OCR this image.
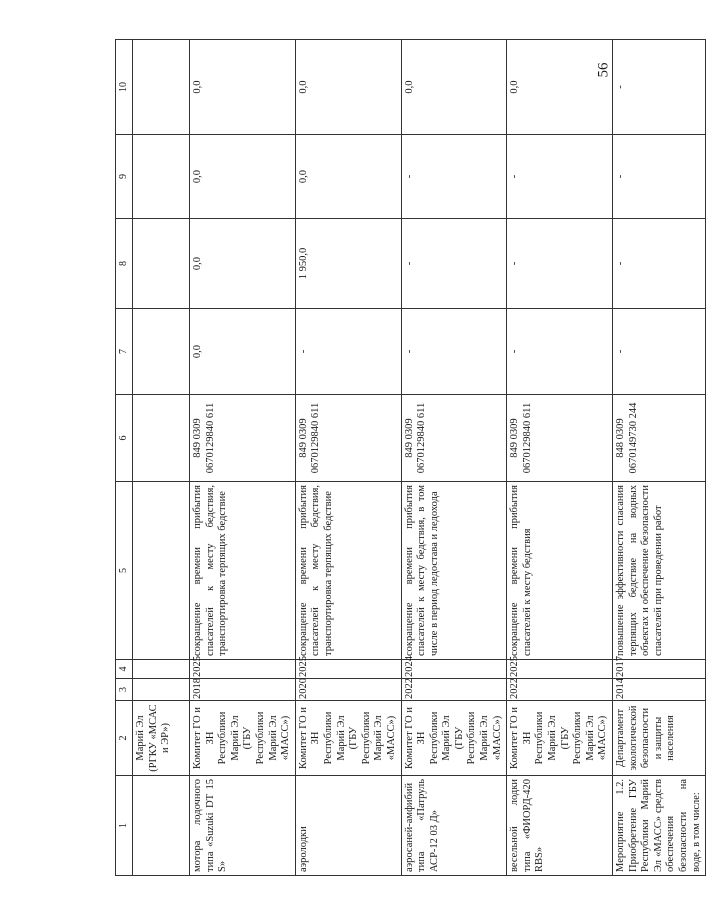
56
1	2	3	4	5	6	7	8	9	10
	Марий Эл (РГКУ «МСАС и ЭР»)								
мотора лодочного типа «Suzuki DT 15 S»	Комитет ГО и ЗН Республики Марий Эл (ГБУ Республики Марий Эл «МАСС»)	2018	2025	сокращение времени прибытия спасателей к месту бедствия, транспортировка терпящих бедствие	849 0309
0670129840 611	0,0	0,0	0,0	0,0
аэролодки	Комитет ГО и ЗН Республики Марий Эл (ГБУ Республики Марий Эл «МАСС»)	2020	2025	сокращение времени прибытия спасателей к месту бедствия, транспортировка терпящих бедствие	849 0309
0670129840 611	-	1 950,0	0,0	0,0
аэросаней-амфибий типа «Патруль АСР-12 03 Д»	Комитет ГО и ЗН Республики Марий Эл (ГБУ Республики Марий Эл «МАСС»)	2022	2024	сокращение времени прибытия спасателей к месту бедствия, в том числе в период ледостава и ледохода	849 0309
0670129840 611	-	-	-	0,0
весельной лодки типа «ФИОРД-420 RBS»	Комитет ГО и ЗН Республики Марий Эл (ГБУ Республики Марий Эл «МАСС»)	2022	2025	сокращение времени прибытия спасателей к месту бедствия	849 0309
0670129840 611	-	-	-	0,0
Мероприятие 1.2. Приобретение ГБУ Республики Марий Эл «МАСС» средств обеспечения безопасности на воде, в том числе:	Департамент экологической безопасности и защиты населения	2014	2017	повышение эффективности спасания терпящих бедствие на водных объектах и обеспечение безопасности спасателей при проведении работ	848 0309
0670149730 244	-	-	-	-
